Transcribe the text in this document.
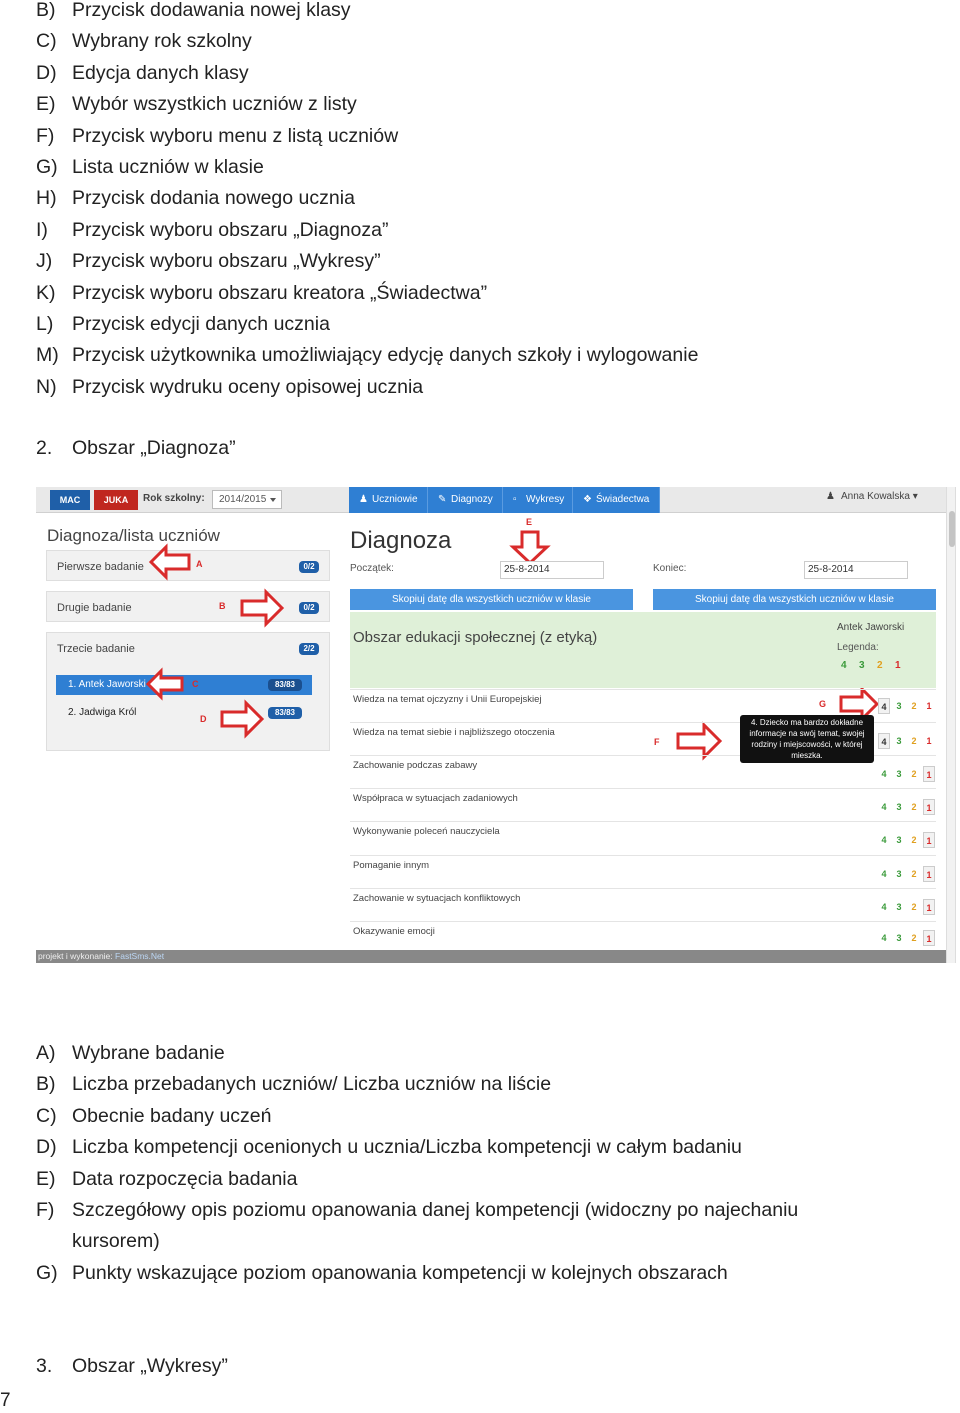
B) Przycisk dodawania nowej klasy
C) Wybrany rok szkolny
D) Edycja danych klasy
E) Wybór wszystkich uczniów z listy
F) Przycisk wyboru menu z listą uczniów
G) Lista uczniów w klasie
H) Przycisk dodania nowego ucznia
I) Przycisk wyboru obszaru „Diagnoza”
J) Przycisk wyboru obszaru „Wykresy”
K) Przycisk wyboru obszaru kreatora „Świadectwa”
L) Przycisk edycji danych ucznia
M) Przycisk użytkownika umożliwiający edycję danych szkoły i wylogowanie
N) Przycisk wydruku oceny opisowej ucznia
2. Obszar „Diagnoza”
MAC	JUKA	Rok szkolny:	2014/2015	♟ Uczniowie	✎ Diagnozy	▫ Wykresy	❖ Świadectwa	♟ Anna Kowalska ▾
Diagnoza/lista uczniów
Pierwsze badanie	0/2
Drugie badanie	0/2
Trzecie badanie	2/2
1. Antek Jaworski	83/83
2. Jadwiga Król	83/83
A
B
C
D
E
F
G
Diagnoza
Początek:	25-8-2014	Koniec:	25-8-2014
Skopiuj datę dla wszystkich uczniów w klasie	Skopiuj datę dla wszystkich uczniów w klasie
Obszar edukacji społecznej (z etyką)
Antek Jaworski
Legenda:
4 3 2 1
Wiedza na temat ojczyzny i Unii Europejskiej
4	3	2	1
Wiedza na temat siebie i najbliższego otoczenia
4	3	2	1
Zachowanie podczas zabawy
4	3	2	1
Współpraca w sytuacjach zadaniowych
4	3	2	1
Wykonywanie poleceń nauczyciela
4	3	2	1
Pomaganie innym
4	3	2	1
Zachowanie w sytuacjach konfliktowych
4	3	2	1
Okazywanie emocji
4	3	2	1
4. Dziecko ma bardzo dokładne informacje na swój temat, swojej rodziny i miejscowości, w której mieszka.
projekt i wykonanie: FastSms.Net
A) Wybrane badanie
B) Liczba przebadanych uczniów/ Liczba uczniów na liście
C) Obecnie badany uczeń
D) Liczba kompetencji ocenionych u ucznia/Liczba kompetencji w całym badaniu
E) Data rozpoczęcia badania
F) Szczegółowy opis poziomu opanowania danej kompetencji (widoczny po najechaniu
kursorem)
G) Punkty wskazujące poziom opanowania kompetencji w kolejnych obszarach
3. Obszar „Wykresy”
7
